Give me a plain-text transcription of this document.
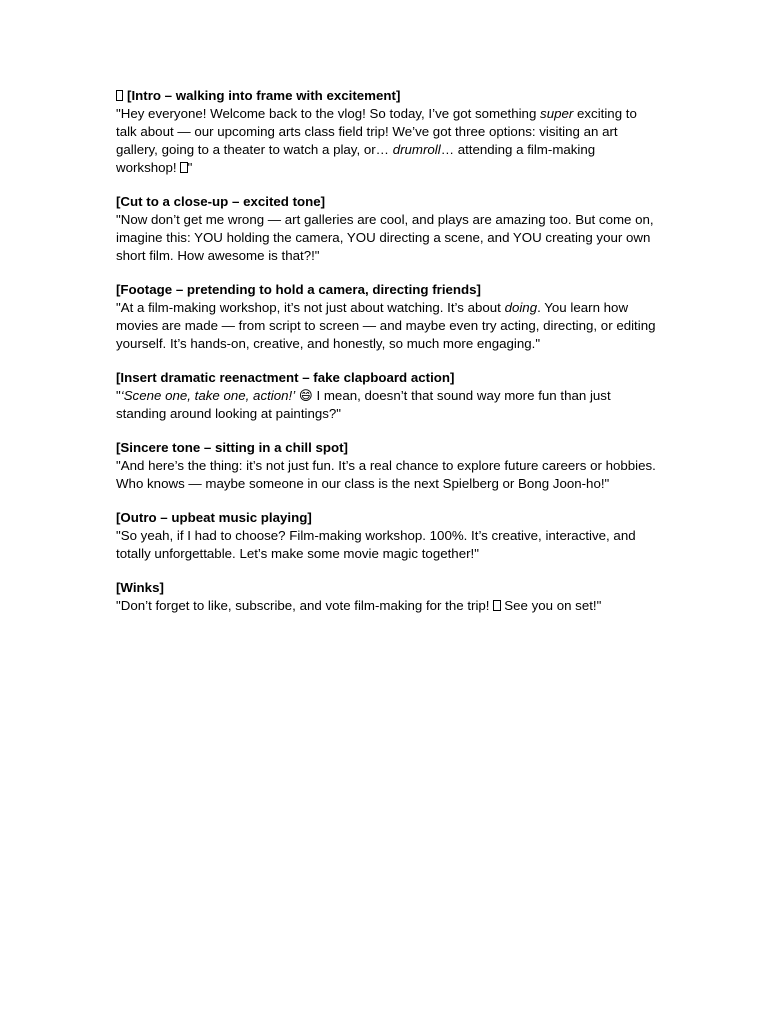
[Intro – walking into frame with excitement]

"Hey everyone! Welcome back to the vlog! So today, I’ve got something super exciting to talk about — our upcoming arts class field trip! We’ve got three options: visiting an art gallery, going to a theater to watch a play, or… drumroll… attending a film-making workshop! "

[Cut to a close-up – excited tone]

"Now don’t get me wrong — art galleries are cool, and plays are amazing too. But come on, imagine this: YOU holding the camera, YOU directing a scene, and YOU creating your own short film. How awesome is that?!"

[Footage – pretending to hold a camera, directing friends]

"At a film-making workshop, it’s not just about watching. It’s about doing. You learn how movies are made — from script to screen — and maybe even try acting, directing, or editing yourself. It’s hands-on, creative, and honestly, so much more engaging."

[Insert dramatic reenactment – fake clapboard action]

"‘Scene one, take one, action!’ 😄 I mean, doesn’t that sound way more fun than just standing around looking at paintings?"

[Sincere tone – sitting in a chill spot]

"And here’s the thing: it’s not just fun. It’s a real chance to explore future careers or hobbies. Who knows — maybe someone in our class is the next Spielberg or Bong Joon-ho!"

[Outro – upbeat music playing]

"So yeah, if I had to choose? Film-making workshop. 100%. It’s creative, interactive, and totally unforgettable. Let’s make some movie magic together!"

[Winks]

"Don’t forget to like, subscribe, and vote film-making for the trip!  See you on set!"
